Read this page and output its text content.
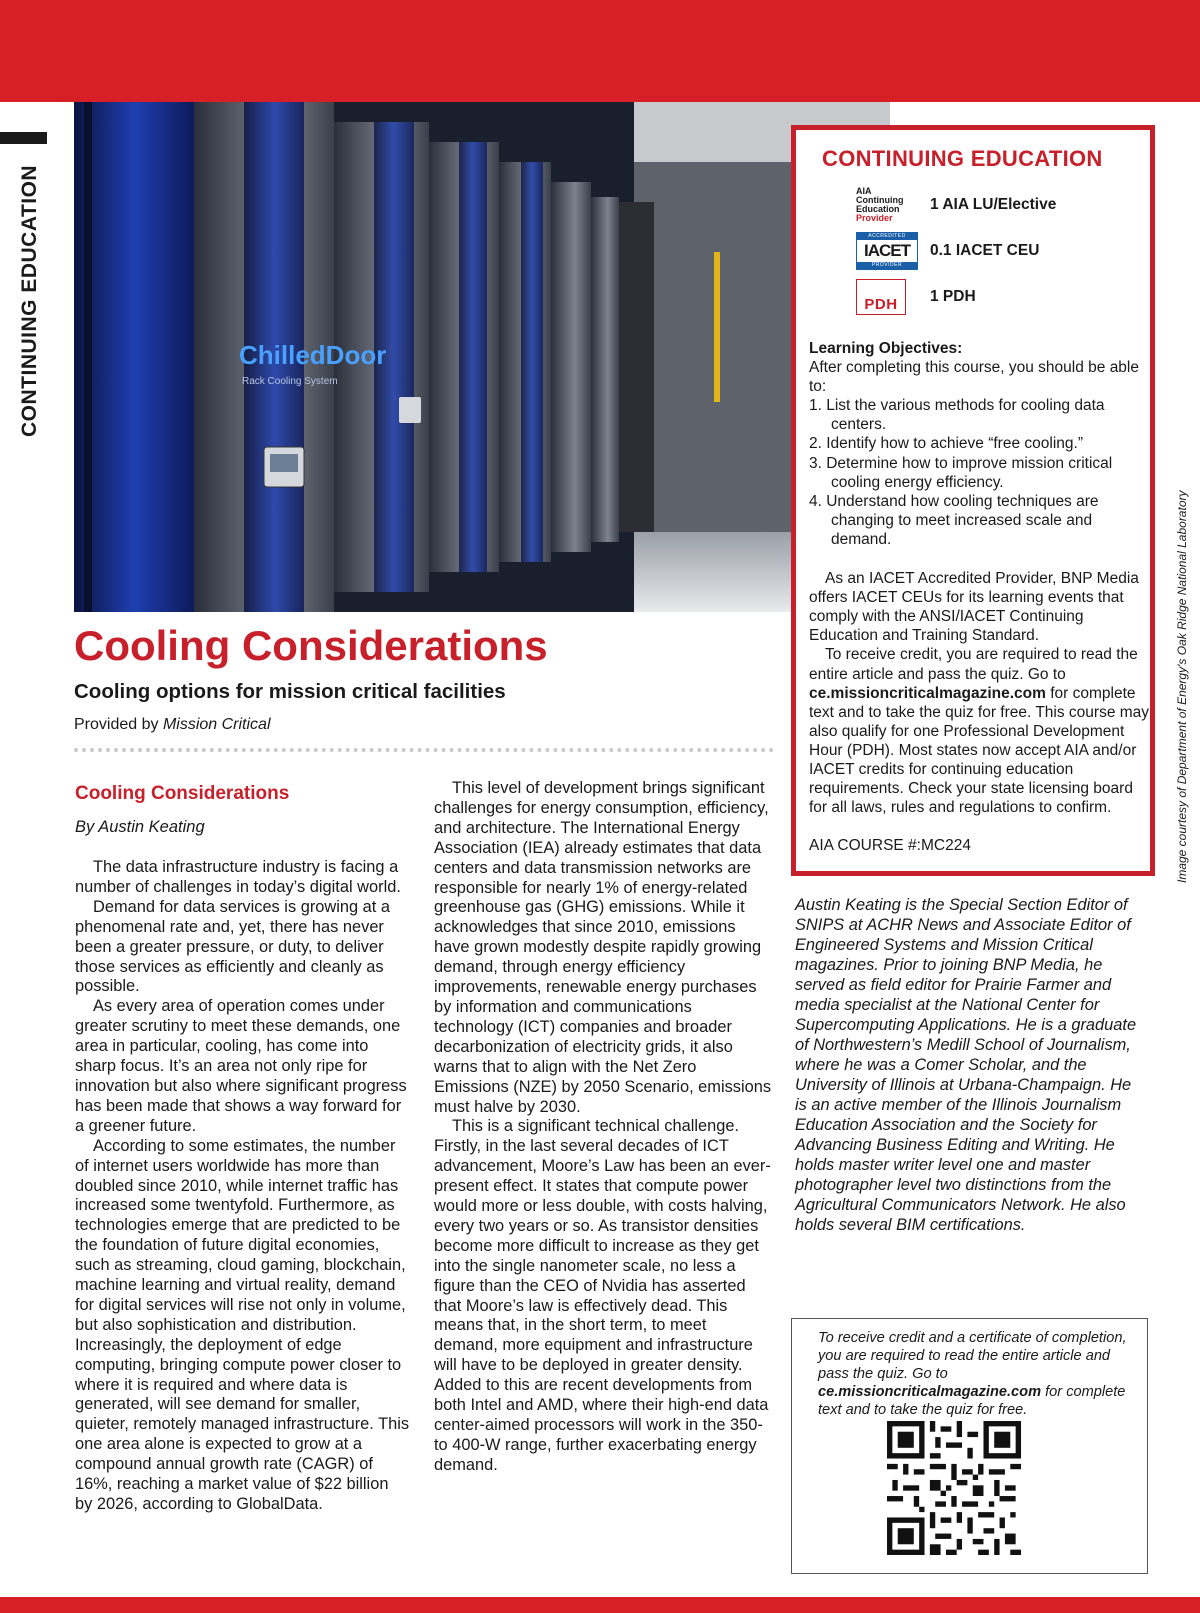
CONTINUING EDUCATION	ChilledDoor
Rack Cooling System
Image courtesy of Department of Energy's Oak Ridge National Laboratory
Cooling Considerations
Cooling options for mission critical facilities
Provided by Mission Critical
Cooling Considerations
By Austin Keating

The data infrastructure industry is facing a number of challenges in today’s digital world.

Demand for data services is growing at a phenomenal rate and, yet, there has never been a greater pressure, or duty, to deliver those services as efficiently and cleanly as possible.

As every area of operation comes under greater scrutiny to meet these demands, one area in particular, cooling, has come into sharp focus. It’s an area not only ripe for innovation but also where significant progress has been made that shows a way forward for a greener future.

According to some estimates, the number of internet users worldwide has more than doubled since 2010, while internet traffic has increased some twentyfold. Furthermore, as technologies emerge that are predicted to be the foundation of future digital economies, such as streaming, cloud gaming, blockchain, machine learning and virtual reality, demand for digital services will rise not only in volume, but also sophistication and distribution. Increasingly, the deployment of edge computing, bringing compute power closer to where it is required and where data is generated, will see demand for smaller, quieter, remotely managed infrastructure. This one area alone is expected to grow at a compound annual growth rate (CAGR) of 16%, reaching a market value of $22 billion by 2026, according to GlobalData.

This level of development brings significant challenges for energy consumption, efficiency, and architecture. The International Energy Association (IEA) already estimates that data centers and data transmission networks are responsible for nearly 1% of energy-related greenhouse gas (GHG) emissions. While it acknowledges that since 2010, emissions have grown modestly despite rapidly growing demand, through energy efficiency improvements, renewable energy purchases by information and communications technology (ICT) companies and broader decarbonization of electricity grids, it also warns that to align with the Net Zero Emissions (NZE) by 2050 Scenario, emissions must halve by 2030.

This is a significant technical challenge. Firstly, in the last several decades of ICT advancement, Moore’s Law has been an ever-present effect. It states that compute power would more or less double, with costs halving, every two years or so. As transistor densities become more difficult to increase as they get into the single nanometer scale, no less a figure than the CEO of Nvidia has asserted that Moore’s law is effectively dead. This means that, in the short term, to meet demand, more equipment and infrastructure will have to be deployed in greater density. Added to this are recent developments from both Intel and AMD, where their high-end data center-aimed processors will work in the 350- to 400-W range, further exacerbating energy demand.

CONTINUING EDUCATION
AIA
Continuing
Education
Provider
1 AIA LU/Elective
ACCREDITED
IACET
PROVIDER
0.1 IACET CEU
PDH 1 PDH
Learning Objectives:
After completing this course, you should be able to:
1. List the various methods for cooling data centers.
2. Identify how to achieve “free cooling.”
3. Determine how to improve mission critical cooling energy efficiency.
4. Understand how cooling techniques are changing to meet increased scale and demand.

As an IACET Accredited Provider, BNP Media offers IACET CEUs for its learning events that comply with the ANSI/IACET Continuing Education and Training Standard.

To receive credit, you are required to read the entire article and pass the quiz. Go to ce.missioncriticalmagazine.com for complete text and to take the quiz for free. This course may also qualify for one Professional Development Hour (PDH). Most states now accept AIA and/or IACET credits for continuing education requirements. Check your state licensing board for all laws, rules and regulations to confirm.

AIA COURSE #:MC224
Austin Keating is the Special Section Editor of SNIPS at ACHR News and Associate Editor of Engineered Systems and Mission Critical magazines. Prior to joining BNP Media, he served as field editor for Prairie Farmer and media specialist at the National Center for Supercomputing Applications. He is a graduate of Northwestern’s Medill School of Journalism, where he was a Comer Scholar, and the University of Illinois at Urbana-Champaign. He is an active member of the Illinois Journalism Education Association and the Society for Advancing Business Editing and Writing. He holds master writer level one and master photographer level two distinctions from the Agricultural Communicators Network. He also holds several BIM certifications.
To receive credit and a certificate of completion, you are required to read the entire article and pass the quiz. Go to ce.missioncriticalmagazine.com for complete text and to take the quiz for free.
